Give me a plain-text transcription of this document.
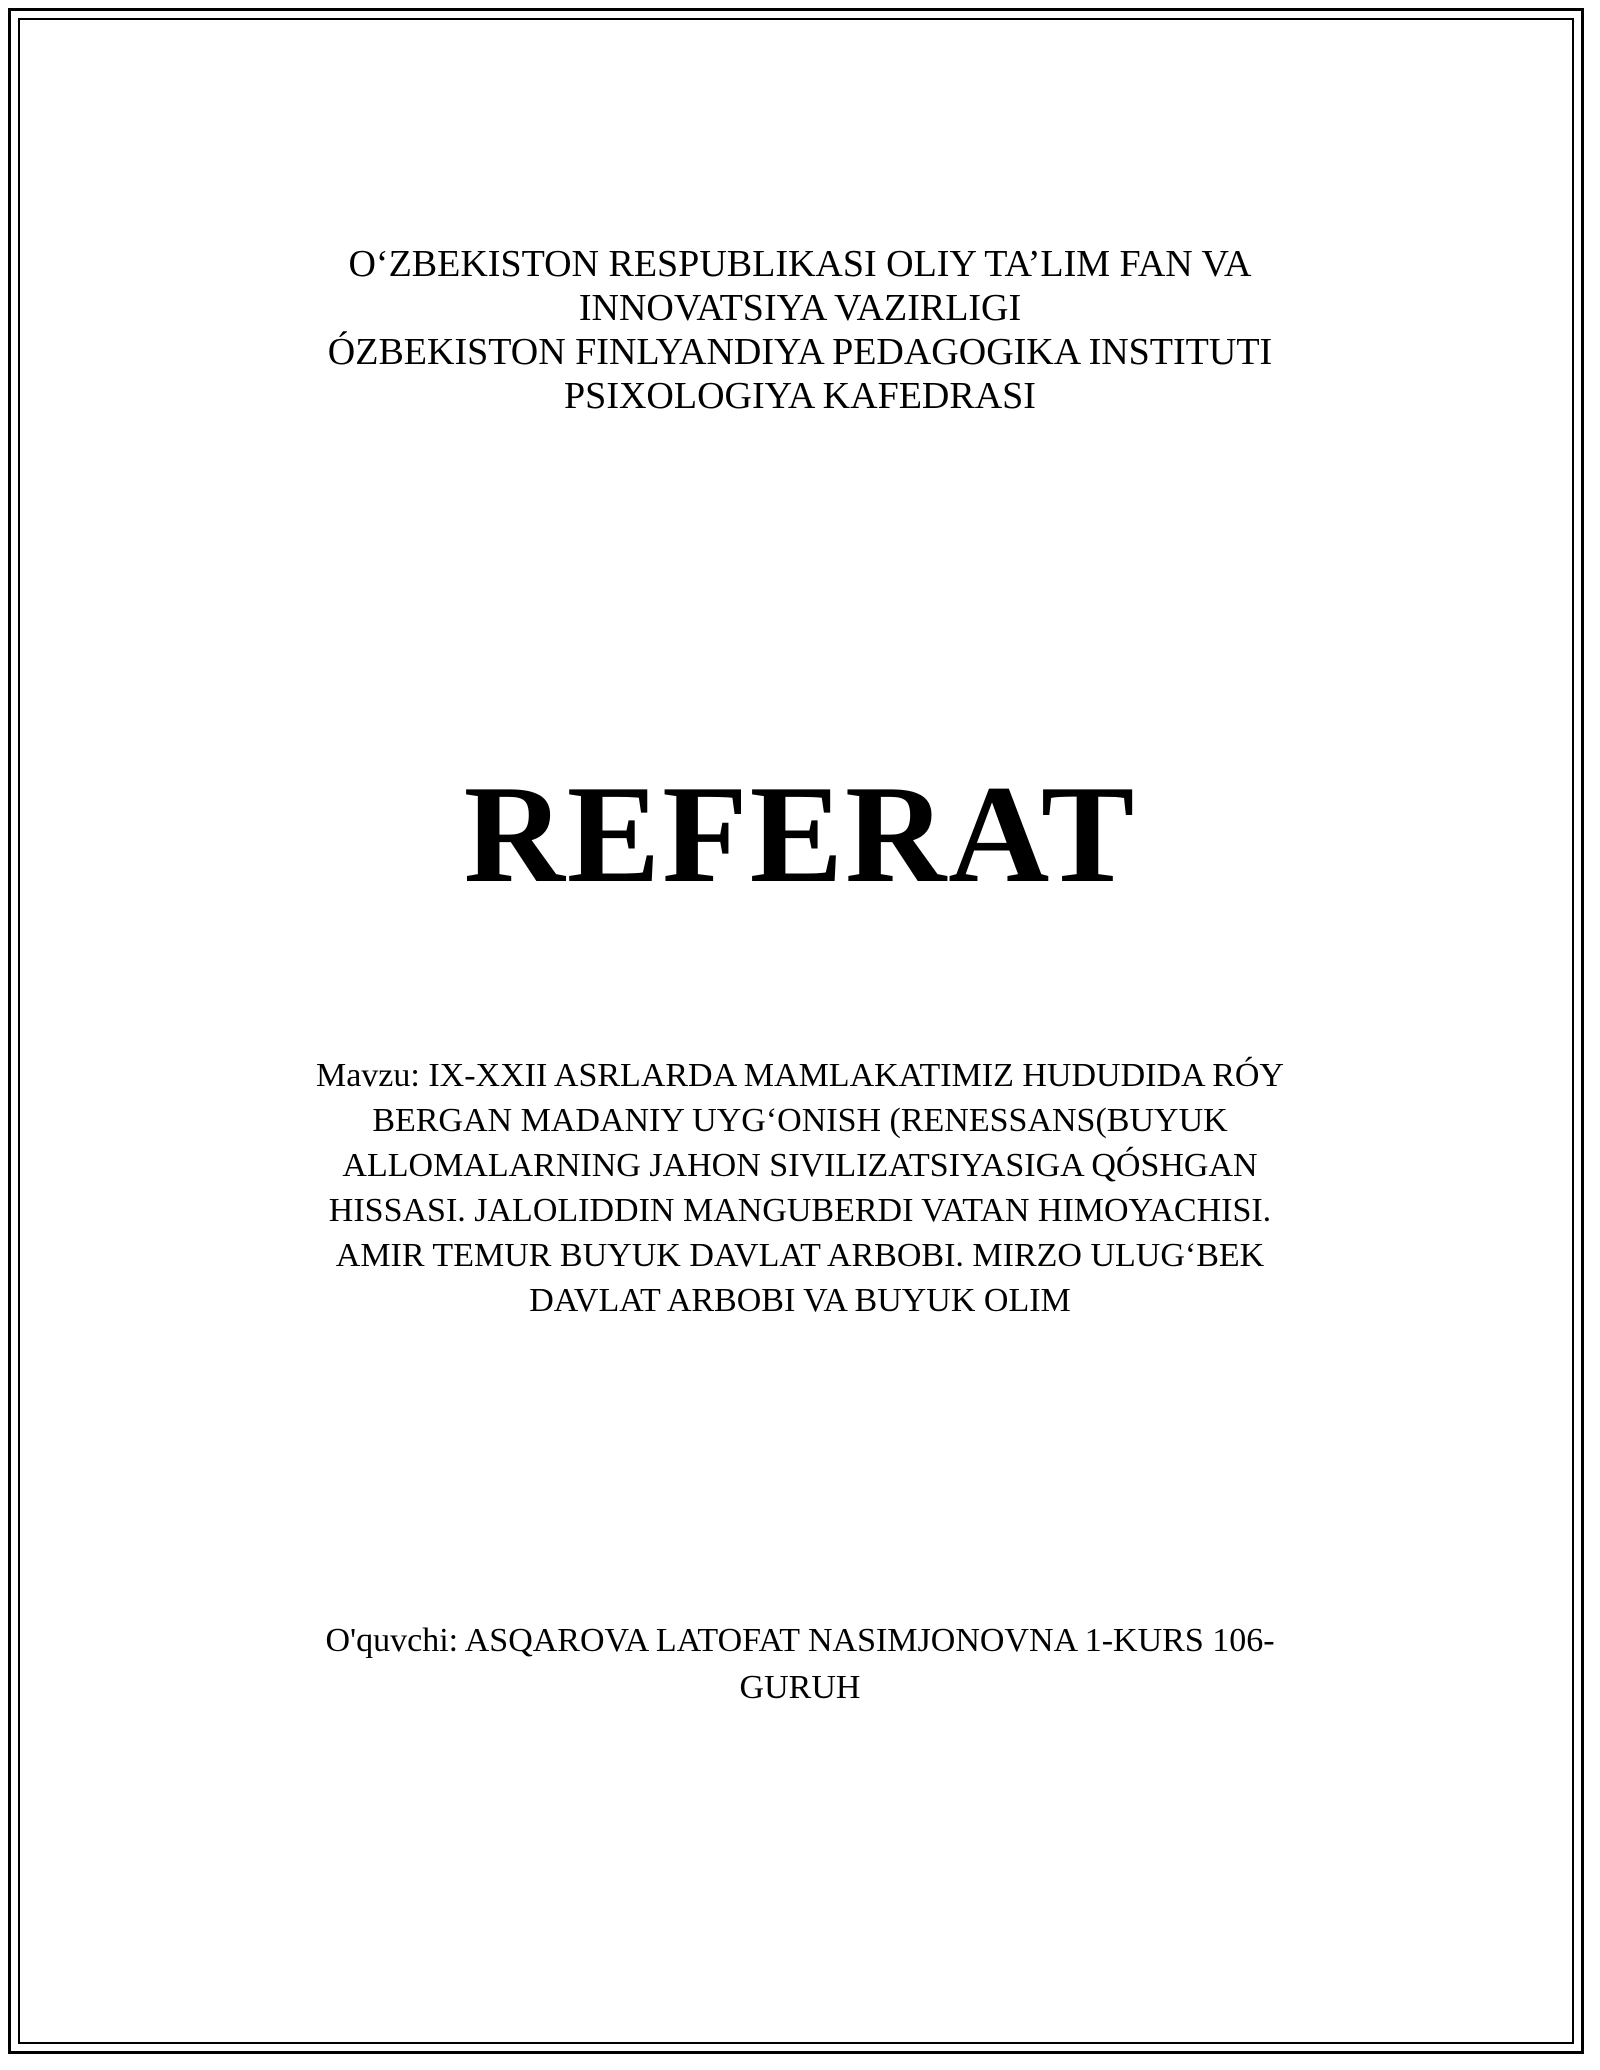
O‘ZBEKISTON RESPUBLIKASI OLIY TA’LIM FAN VA
INNOVATSIYA VAZIRLIGI
ÓZBEKISTON FINLYANDIYA PEDAGOGIKA INSTITUTI
PSIXOLOGIYA KAFEDRASI
REFERAT
Mavzu: IX-XXII ASRLARDA MAMLAKATIMIZ HUDUDIDA RÓY
BERGAN MADANIY UYG‘ONISH (RENESSANS(BUYUK
ALLOMALARNING JAHON SIVILIZATSIYASIGA QÓSHGAN
HISSASI. JALOLIDDIN MANGUBERDI VATAN HIMOYACHISI.
AMIR TEMUR BUYUK DAVLAT ARBOBI. MIRZO ULUG‘BEK
DAVLAT ARBOBI VA BUYUK OLIM
O'quvchi: ASQAROVA LATOFAT NASIMJONOVNA 1-KURS 106-
GURUH
